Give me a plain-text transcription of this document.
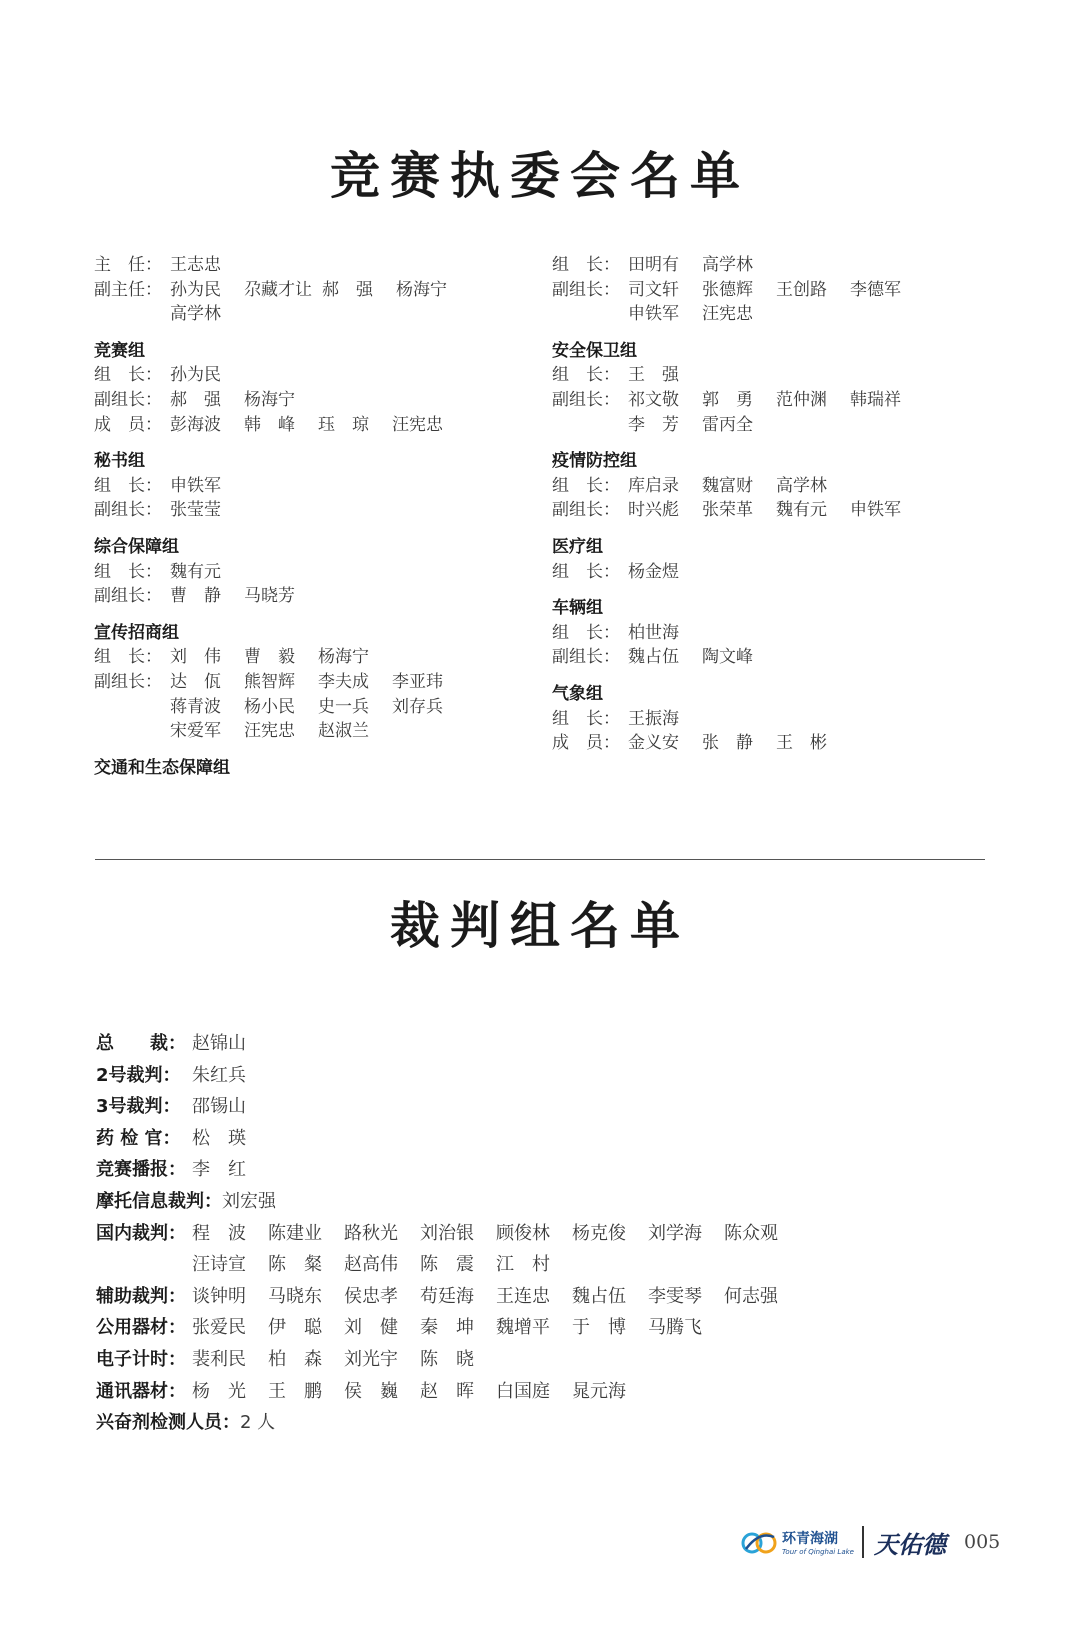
竞赛执委会名单
主　任： 王志忠
副主任： 孙为民 尕藏才让 郝　强 杨海宁
高学林
竞赛组
组　长： 孙为民
副组长： 郝　强 杨海宁
成　员： 彭海波 韩　峰 珏　琼 汪宪忠
秘书组
组　长： 申铁军
副组长： 张莹莹
综合保障组
组　长： 魏有元
副组长： 曹　静 马晓芳
宣传招商组
组　长： 刘　伟 曹　毅 杨海宁
副组长： 达　佤 熊智辉 李夫成 李亚玮
蒋青波 杨小民 史一兵 刘存兵
宋爱军 汪宪忠 赵淑兰
交通和生态保障组
组　长： 田明有 高学林
副组长： 司文轩 张德辉 王创路 李德军
申铁军 汪宪忠
安全保卫组
组　长： 王　强
副组长： 祁文敬 郭　勇 范仲渊 韩瑞祥
李　芳 雷丙全
疫情防控组
组　长： 库启录 魏富财 高学林
副组长： 时兴彪 张荣革 魏有元 申铁军
医疗组
组　长： 杨金煜
车辆组
组　长： 柏世海
副组长： 魏占伍 陶文峰
气象组
组　长： 王振海
成　员： 金义安 张　静 王　彬
裁判组名单
总　　裁： 赵锦山
2号裁判： 朱红兵
3号裁判： 邵锡山
药 检 官： 松　瑛
竞赛播报： 李　红
摩托信息裁判：刘宏强
国内裁判： 程　波 陈建业 路秋光 刘治银 顾俊林 杨克俊 刘学海 陈众观
汪诗宣 陈　粲 赵高伟 陈　震 江　村
辅助裁判： 谈钟明 马晓东 侯忠孝 苟廷海 王连忠 魏占伍 李雯琴 何志强
公用器材： 张爱民 伊　聪 刘　健 秦　坤 魏增平 于　博 马腾飞
电子计时： 裴利民 柏　森 刘光宇 陈　晓
通讯器材： 杨　光 王　鹏 侯　巍 赵　晖 白国庭 晁元海
兴奋剂检测人员：2 人
环青海湖
Tour of Qinghai Lake 天佑德 005
